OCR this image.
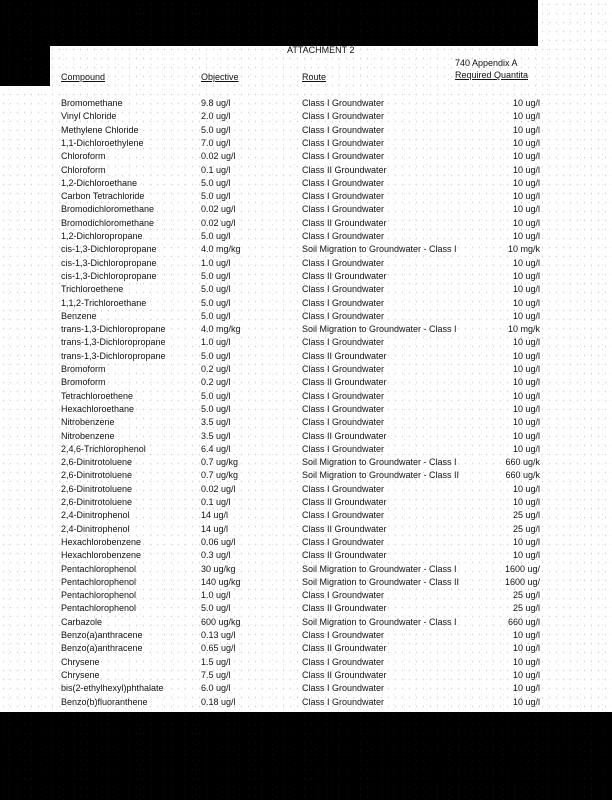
ATTACHMENT 2
740 Appendix A
Compound	Objective	Route	Required Quantita
Bromomethane	9.8 ug/l	Class I Groundwater	10 ug/l
Vinyl Chloride	2.0 ug/l	Class I Groundwater	10 ug/l
Methylene Chloride	5.0 ug/l	Class I Groundwater	10 ug/l
1,1-Dichloroethylene	7.0 ug/l	Class I Groundwater	10 ug/l
Chloroform	0.02 ug/l	Class I Groundwater	10 ug/l
Chloroform	0.1 ug/l	Class II Groundwater	10 ug/l
1,2-Dichloroethane	5.0 ug/l	Class I Groundwater	10 ug/l
Carbon Tetrachloride	5.0 ug/l	Class I Groundwater	10 ug/l
Bromodichloromethane	0.02 ug/l	Class I Groundwater	10 ug/l
Bromodichloromethane	0.02 ug/l	Class II Groundwater	10 ug/l
1,2-Dichloropropane	5.0 ug/l	Class I Groundwater	10 ug/l
cis-1,3-Dichloropropane	4.0 mg/kg	Soil Migration to Groundwater - Class I	10 mg/k
cis-1,3-Dichloropropane	1.0 ug/l	Class I Groundwater	10 ug/l
cis-1,3-Dichloropropane	5.0 ug/l	Class II Groundwater	10 ug/l
Trichloroethene	5.0 ug/l	Class I Groundwater	10 ug/l
1,1,2-Trichloroethane	5.0 ug/l	Class I Groundwater	10 ug/l
Benzene	5.0 ug/l	Class I Groundwater	10 ug/l
trans-1,3-Dichloropropane	4.0 mg/kg	Soil Migration to Groundwater - Class I	10 mg/k
trans-1,3-Dichloropropane	1.0 ug/l	Class I Groundwater	10 ug/l
trans-1,3-Dichloropropane	5.0 ug/l	Class II Groundwater	10 ug/l
Bromoform	0.2 ug/l	Class I Groundwater	10 ug/l
Bromoform	0.2 ug/l	Class II Groundwater	10 ug/l
Tetrachloroethene	5.0 ug/l	Class I Groundwater	10 ug/l
Hexachloroethane	5.0 ug/l	Class I Groundwater	10 ug/l
Nitrobenzene	3.5 ug/l	Class I Groundwater	10 ug/l
Nitrobenzene	3.5 ug/l	Class II Groundwater	10 ug/l
2,4,6-Trichlorophenol	6.4 ug/l	Class I Groundwater	10 ug/l
2,6-Dinitrotoluene	0.7 ug/kg	Soil Migration to Groundwater - Class I	660 ug/k
2,6-Dinitrotoluene	0.7 ug/kg	Soil Migration to Groundwater - Class II	660 ug/k
2,6-Dinitrotoluene	0.02 ug/l	Class I Groundwater	10 ug/l
2,6-Dinitrotoluene	0.1 ug/l	Class II Groundwater	10 ug/l
2,4-Dinitrophenol	14 ug/l	Class I Groundwater	25 ug/l
2,4-Dinitrophenol	14 ug/l	Class II Groundwater	25 ug/l
Hexachlorobenzene	0.06 ug/l	Class I Groundwater	10 ug/l
Hexachlorobenzene	0.3 ug/l	Class II Groundwater	10 ug/l
Pentachlorophenol	30 ug/kg	Soil Migration to Groundwater - Class I	1600 ug/
Pentachlorophenol	140 ug/kg	Soil Migration to Groundwater - Class II	1600 ug/
Pentachlorophenol	1.0 ug/l	Class I Groundwater	25 ug/l
Pentachlorophenol	5.0 ug/l	Class II Groundwater	25 ug/l
Carbazole	600 ug/kg	Soil Migration to Groundwater - Class I	660 ug/l
Benzo(a)anthracene	0.13 ug/l	Class I Groundwater	10 ug/l
Benzo(a)anthracene	0.65 ug/l	Class II Groundwater	10 ug/l
Chrysene	1.5 ug/l	Class I Groundwater	10 ug/l
Chrysene	7.5 ug/l	Class II Groundwater	10 ug/l
bis(2-ethylhexyl)phthalate	6.0 ug/l	Class I Groundwater	10 ug/l
Benzo(b)fluoranthene	0.18 ug/l	Class I Groundwater	10 ug/l
